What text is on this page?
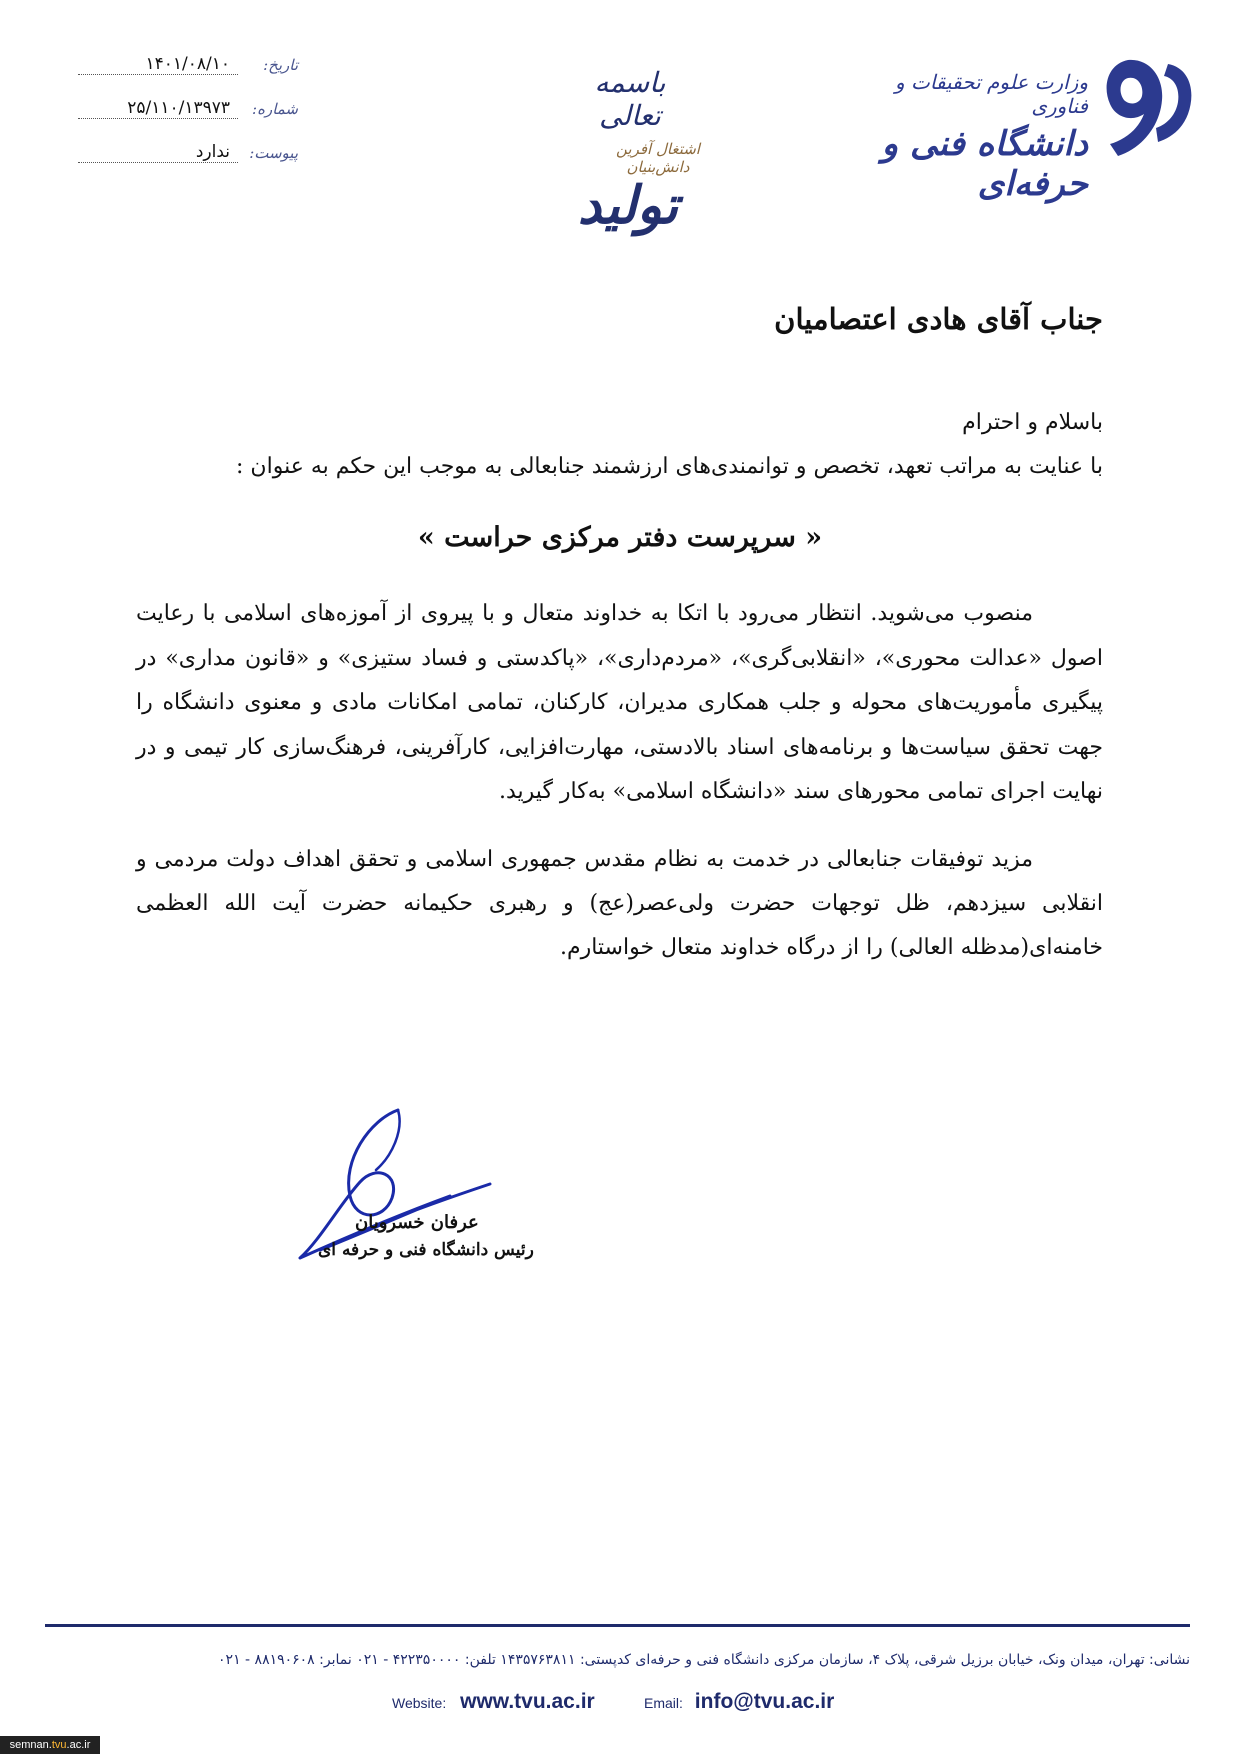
وزارت علوم تحقیقات و فناوری
دانشگاه فنی و حرفه‌ای
باسمه تعالی
اشتغال آفرین دانش‌بنیان
تولید
تاریخ:
۱۴۰۱/۰۸/۱۰
شماره:
۲۵/۱۱۰/۱۳۹۷۳
پیوست:
ندارد
جناب آقای هادی اعتصامیان
باسلام و احترام
با عنایت به مراتب تعهد، تخصص و توانمندی‌های ارزشمند جنابعالی به موجب این حکم به عنوان :
« سرپرست دفتر مرکزی حراست »
منصوب می‌شوید. انتظار می‌رود با اتکا به خداوند متعال و با پیروی از آموزه‌های اسلامی با رعایت اصول «عدالت محوری»، «انقلابی‌گری»، «مردم‌داری»، «پاکدستی و فساد ستیزی» و «قانون مداری» در پیگیری مأموریت‌های محوله و جلب همکاری مدیران، کارکنان، تمامی امکانات مادی و معنوی دانشگاه را جهت تحقق سیاست‌ها و برنامه‌های اسناد بالادستی، مهارت‌افزایی، کارآفرینی، فرهنگ‌سازی کار تیمی و در نهایت اجرای تمامی محورهای سند «دانشگاه اسلامی» به‌کار گیرید.
مزید توفیقات جنابعالی در خدمت به نظام مقدس جمهوری اسلامی و تحقق اهداف دولت مردمی و انقلابی سیزدهم، ظل توجهات حضرت ولی‌عصر(عج) و رهبری حکیمانه حضرت آیت الله العظمی خامنه‌ای(مدظله العالی) را از درگاه خداوند متعال خواستارم.
عرفان خسرویان
رئیس دانشگاه فنی و حرفه ای
نشانی: تهران، میدان ونک، خیابان برزیل شرقی، پلاک ۴، سازمان مرکزی دانشگاه فنی و حرفه‌ای کدپستی: ۱۴۳۵۷۶۳۸۱۱ تلفن: ۴۲۲۳۵۰۰۰۰ - ۰۲۱ نمابر: ۸۸۱۹۰۶۰۸ - ۰۲۱
Website: www.tvu.ac.ir	Email: info@tvu.ac.ir
semnan.tvu.ac.ir
